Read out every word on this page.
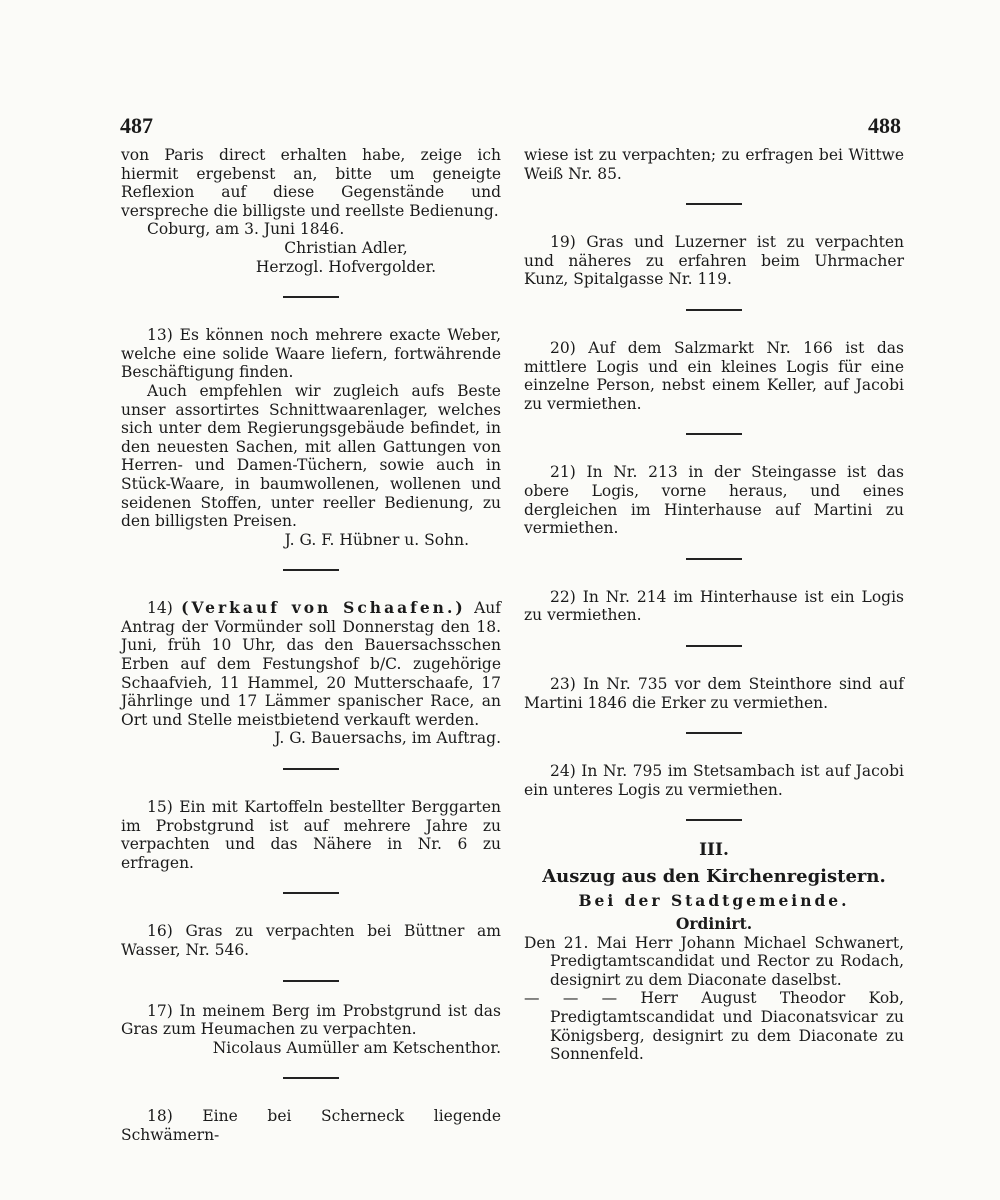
487	488

von Paris direct erhalten habe, zeige ich hiermit ergebenst an, bitte um geneigte Reflexion auf diese Gegenstände und verspreche die billigste und reellste Bedienung.

Coburg, am 3. Juni 1846.

Christian Adler,

Herzogl. Hofvergolder.

13) Es können noch mehrere exacte Weber, welche eine solide Waare liefern, fortwährende Beschäftigung finden.

Auch empfehlen wir zugleich aufs Beste unser assortirtes Schnittwaarenlager, welches sich unter dem Regierungsgebäude befindet, in den neuesten Sachen, mit allen Gattungen von Herren- und Damen-Tüchern, sowie auch in Stück-Waare, in baumwollenen, wollenen und seidenen Stoffen, unter reeller Bedienung, zu den billigsten Preisen.

J. G. F. Hübner u. Sohn.

14) (Verkauf von Schaafen.) Auf Antrag der Vormünder soll Donnerstag den 18. Juni, früh 10 Uhr, das den Bauersachsschen Erben auf dem Festungshof b/C. zugehörige Schaafvieh, 11 Hammel, 20 Mutterschaafe, 17 Jährlinge und 17 Lämmer spanischer Race, an Ort und Stelle meistbietend verkauft werden.

J. G. Bauersachs, im Auftrag.

15) Ein mit Kartoffeln bestellter Berggarten im Probstgrund ist auf mehrere Jahre zu verpachten und das Nähere in Nr. 6 zu erfragen.

16) Gras zu verpachten bei Büttner am Wasser, Nr. 546.

17) In meinem Berg im Probstgrund ist das Gras zum Heumachen zu verpachten.

Nicolaus Aumüller am Ketschenthor.

18) Eine bei Scherneck liegende Schwämern-

wiese ist zu verpachten; zu erfragen bei Wittwe Weiß Nr. 85.

19) Gras und Luzerner ist zu verpachten und näheres zu erfahren beim Uhrmacher Kunz, Spitalgasse Nr. 119.

20) Auf dem Salzmarkt Nr. 166 ist das mittlere Logis und ein kleines Logis für eine einzelne Person, nebst einem Keller, auf Jacobi zu vermiethen.

21) In Nr. 213 in der Steingasse ist das obere Logis, vorne heraus, und eines dergleichen im Hinterhause auf Martini zu vermiethen.

22) In Nr. 214 im Hinterhause ist ein Logis zu vermiethen.

23) In Nr. 735 vor dem Steinthore sind auf Martini 1846 die Erker zu vermiethen.

24) In Nr. 795 im Stetsambach ist auf Jacobi ein unteres Logis zu vermiethen.

III.

Auszug aus den Kirchenregistern.

Bei der Stadtgemeinde.

Ordinirt.

Den 21. Mai Herr Johann Michael Schwanert, Predigtamtscandidat und Rector zu Rodach, designirt zu dem Diaconate daselbst.

— — — Herr August Theodor Kob, Predigtamtscandidat und Diaconatsvicar zu Königsberg, designirt zu dem Diaconate zu Sonnenfeld.
